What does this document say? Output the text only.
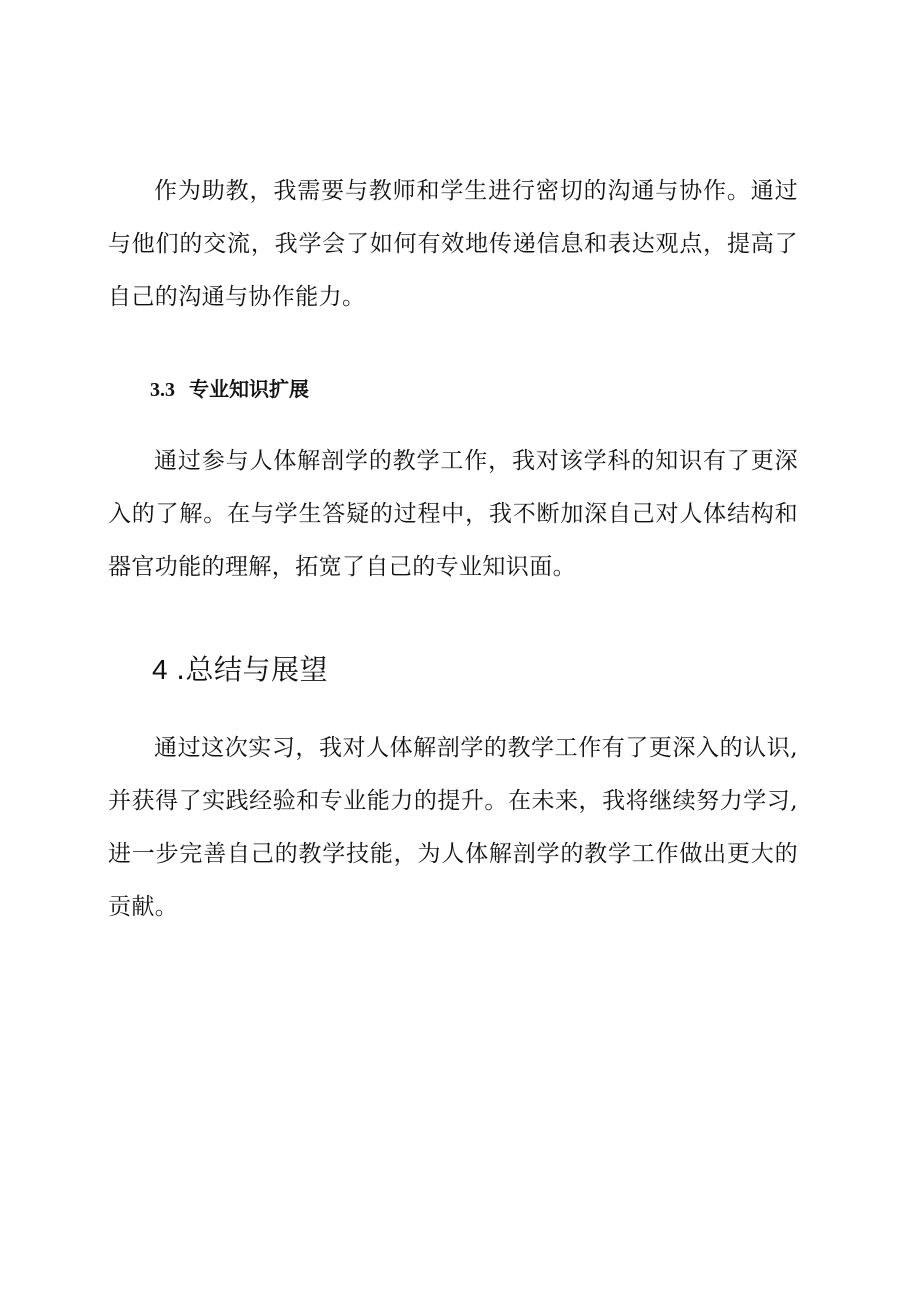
作为助教，我需要与教师和学生进行密切的沟通与协作。通过与他们的交流，我学会了如何有效地传递信息和表达观点，提高了自己的沟通与协作能力。

3.3 专业知识扩展

通过参与人体解剖学的教学工作，我对该学科的知识有了更深入的了解。在与学生答疑的过程中，我不断加深自己对人体结构和器官功能的理解，拓宽了自己的专业知识面。

4 .总结与展望

通过这次实习，我对人体解剖学的教学工作有了更深入的认识,并获得了实践经验和专业能力的提升。在未来，我将继续努力学习,进一步完善自己的教学技能，为人体解剖学的教学工作做出更大的贡献。
